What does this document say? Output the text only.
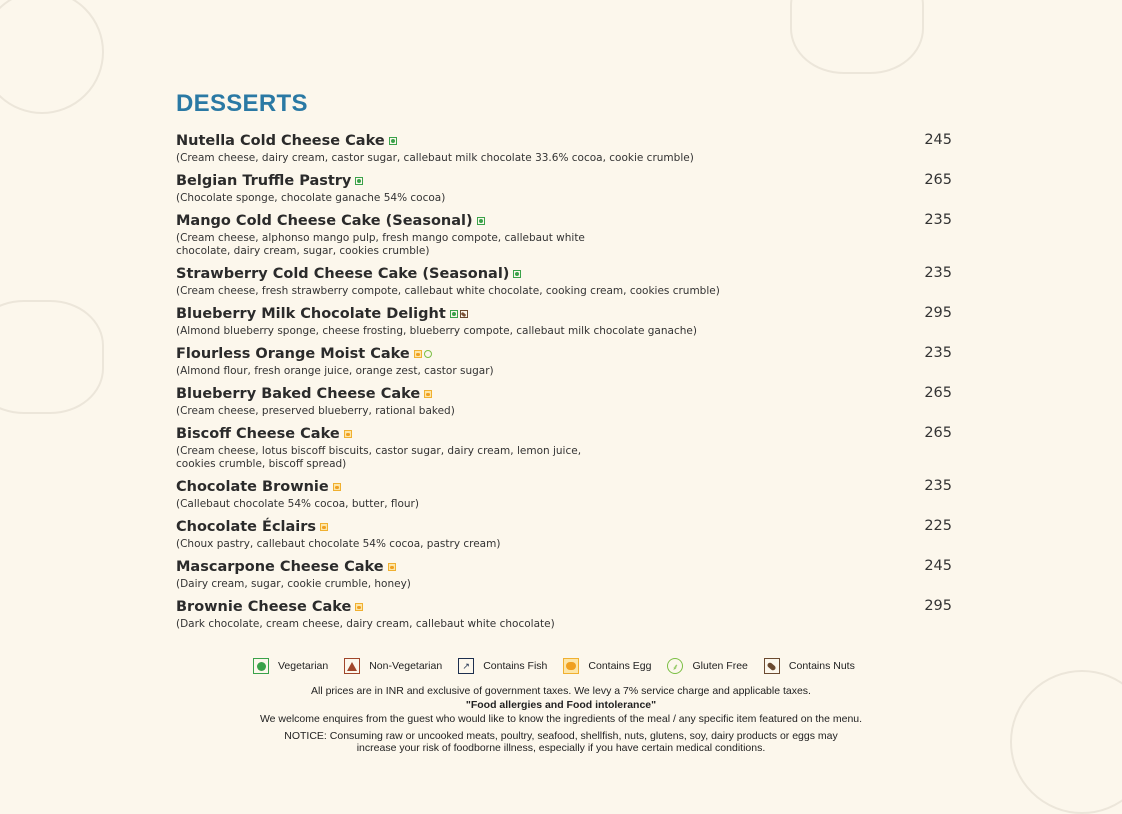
DESSERTS
Nutella Cold Cheese Cake
(Cream cheese, dairy cream, castor sugar, callebaut milk chocolate 33.6% cocoa, cookie crumble)
245
Belgian Truffle Pastry
(Chocolate sponge, chocolate ganache 54% cocoa)
265
Mango Cold Cheese Cake (Seasonal)
(Cream cheese, alphonso mango pulp, fresh mango compote, callebaut white
chocolate, dairy cream, sugar, cookies crumble)
235
Strawberry Cold Cheese Cake (Seasonal)
(Cream cheese, fresh strawberry compote, callebaut white chocolate, cooking cream, cookies crumble)
235
Blueberry Milk Chocolate Delight
(Almond blueberry sponge, cheese frosting, blueberry compote, callebaut milk chocolate ganache)
295
Flourless Orange Moist Cake
(Almond flour, fresh orange juice, orange zest, castor sugar)
235
Blueberry Baked Cheese Cake
(Cream cheese, preserved blueberry, rational baked)
265
Biscoff Cheese Cake
(Cream cheese, lotus biscoff biscuits, castor sugar, dairy cream, lemon juice,
cookies crumble, biscoff spread)
265
Chocolate Brownie
(Callebaut chocolate 54% cocoa, butter, flour)
235
Chocolate Éclairs
(Choux pastry, callebaut chocolate 54% cocoa, pastry cream)
225
Mascarpone Cheese Cake
(Dairy cream, sugar, cookie crumble, honey)
245
Brownie Cheese Cake
(Dark chocolate, cream cheese, dairy cream, callebaut white chocolate)
295
Vegetarian	Non-Vegetarian ↗ Contains Fish	Contains Egg ⸙ Gluten Free	Contains Nuts
All prices are in INR and exclusive of government taxes. We levy a 7% service charge and applicable taxes.
"Food allergies and Food intolerance"
We welcome enquires from the guest who would like to know the ingredients of the meal / any specific item featured on the menu.
NOTICE: Consuming raw or uncooked meats, poultry, seafood, shellfish, nuts, glutens, soy, dairy products or eggs may
increase your risk of foodborne illness, especially if you have certain medical conditions.
